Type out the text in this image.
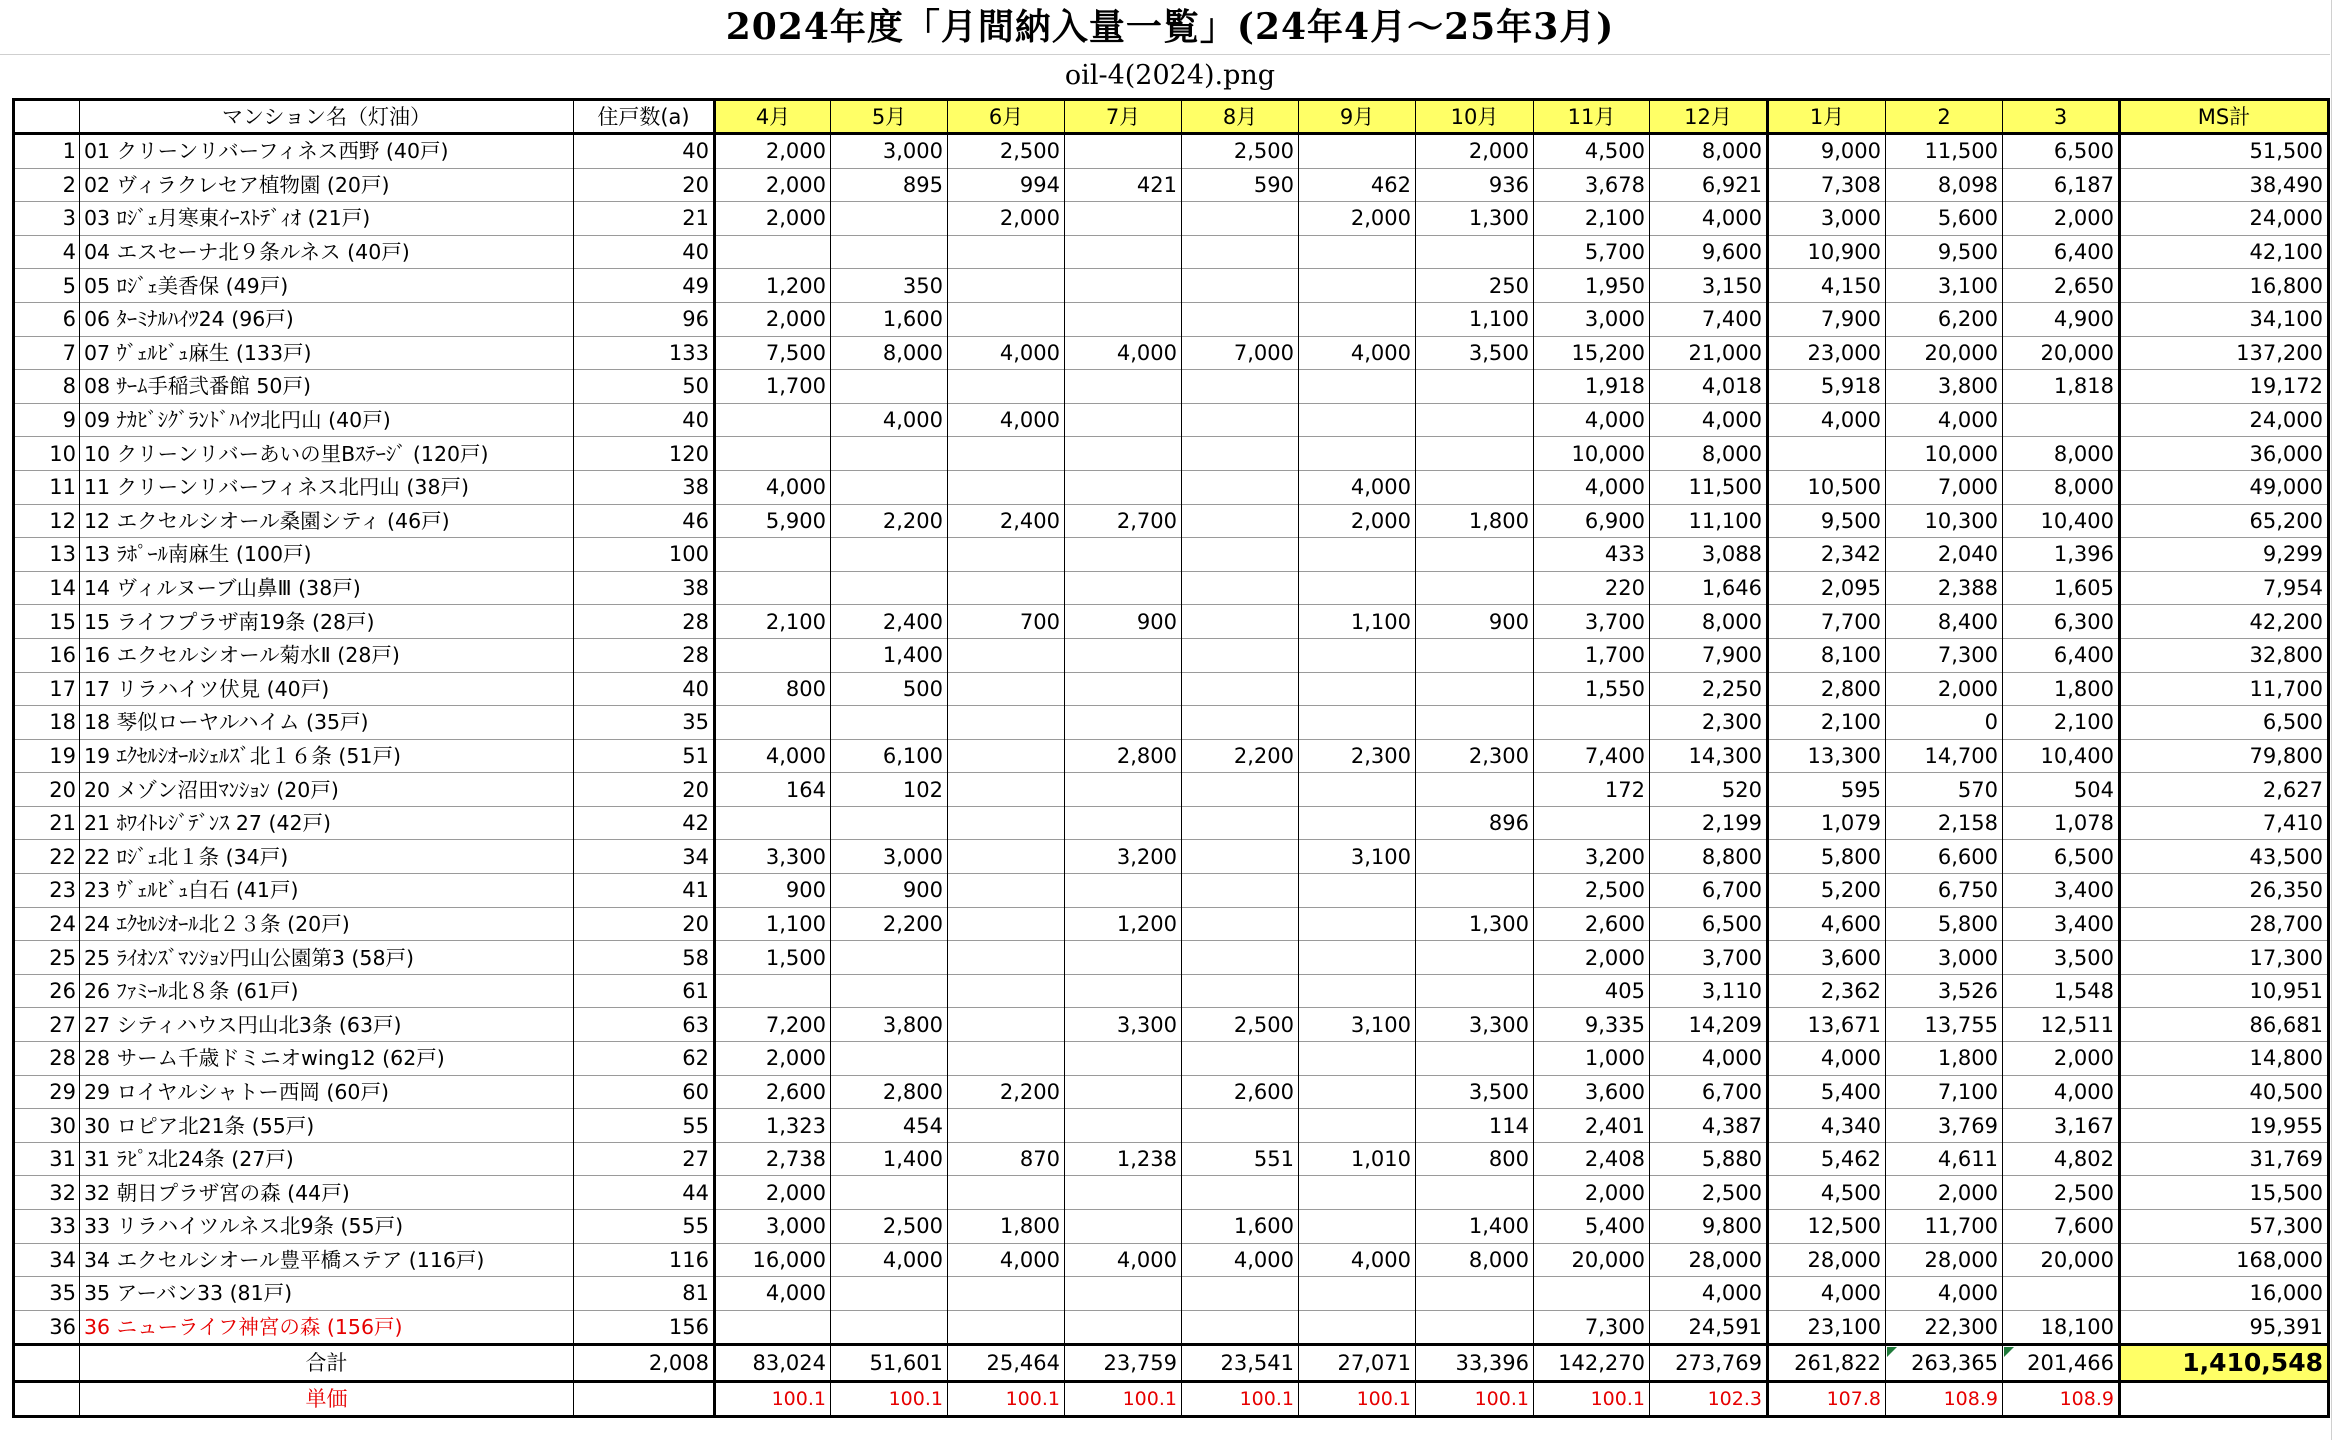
2024年度「月間納入量一覧」(24年4月～25年3月)
oil-4(2024).png
	マンション名（灯油）	住戸数(a)	4月	5月	6月	7月	8月	9月	10月	11月	12月	1月	2	3	MS計
1	01 クリーンリバーフィネス西野 (40戸)	40	2,000	3,000	2,500		2,500		2,000	4,500	8,000	9,000	11,500	6,500	51,500
2	02 ヴィラクレセア植物園 (20戸)	20	2,000	895	994	421	590	462	936	3,678	6,921	7,308	8,098	6,187	38,490
3	03 ﾛｼﾞｪ月寒東ｲｰｽﾄﾃﾞｨｵ (21戸)	21	2,000		2,000			2,000	1,300	2,100	4,000	3,000	5,600	2,000	24,000
4	04 エスセーナ北９条ルネス (40戸)	40								5,700	9,600	10,900	9,500	6,400	42,100
5	05 ﾛｼﾞｪ美香保 (49戸)	49	1,200	350					250	1,950	3,150	4,150	3,100	2,650	16,800
6	06 ﾀｰﾐﾅﾙﾊｲﾂ24 (96戸)	96	2,000	1,600					1,100	3,000	7,400	7,900	6,200	4,900	34,100
7	07 ｳﾞｪﾙﾋﾞｭ麻生 (133戸)	133	7,500	8,000	4,000	4,000	7,000	4,000	3,500	15,200	21,000	23,000	20,000	20,000	137,200
8	08 ｻｰﾑ手稲弐番館 50戸)	50	1,700							1,918	4,018	5,918	3,800	1,818	19,172
9	09 ﾅｶﾋﾞｼｸﾞﾗﾝﾄﾞﾊｲﾂ北円山 (40戸)	40		4,000	4,000					4,000	4,000	4,000	4,000		24,000
10	10 クリーンリバーあいの里Bｽﾃｰｼﾞ (120戸)	120								10,000	8,000		10,000	8,000	36,000
11	11 クリーンリバーフィネス北円山 (38戸)	38	4,000					4,000		4,000	11,500	10,500	7,000	8,000	49,000
12	12 エクセルシオール桑園シティ (46戸)	46	5,900	2,200	2,400	2,700		2,000	1,800	6,900	11,100	9,500	10,300	10,400	65,200
13	13 ﾗﾎﾟｰﾙ南麻生 (100戸)	100								433	3,088	2,342	2,040	1,396	9,299
14	14 ヴィルヌーブ山鼻Ⅲ (38戸)	38								220	1,646	2,095	2,388	1,605	7,954
15	15 ライフプラザ南19条 (28戸)	28	2,100	2,400	700	900		1,100	900	3,700	8,000	7,700	8,400	6,300	42,200
16	16 エクセルシオール菊水Ⅱ (28戸)	28		1,400						1,700	7,900	8,100	7,300	6,400	32,800
17	17 リラハイツ伏見 (40戸)	40	800	500						1,550	2,250	2,800	2,000	1,800	11,700
18	18 琴似ローヤルハイム (35戸)	35									2,300	2,100	0	2,100	6,500
19	19 ｴｸｾﾙｼｵｰﾙｼｪﾙｽﾞ北１６条 (51戸)	51	4,000	6,100		2,800	2,200	2,300	2,300	7,400	14,300	13,300	14,700	10,400	79,800
20	20 メゾン沼田ﾏﾝｼｮﾝ (20戸)	20	164	102						172	520	595	570	504	2,627
21	21 ﾎﾜｲﾄﾚｼﾞﾃﾞﾝｽ 27 (42戸)	42							896		2,199	1,079	2,158	1,078	7,410
22	22 ﾛｼﾞｪ北１条 (34戸)	34	3,300	3,000		3,200		3,100		3,200	8,800	5,800	6,600	6,500	43,500
23	23 ｳﾞｪﾙﾋﾞｭ白石 (41戸)	41	900	900						2,500	6,700	5,200	6,750	3,400	26,350
24	24 ｴｸｾﾙｼｵｰﾙ北２３条 (20戸)	20	1,100	2,200		1,200			1,300	2,600	6,500	4,600	5,800	3,400	28,700
25	25 ﾗｲｵﾝｽﾞﾏﾝｼｮﾝ円山公園第3 (58戸)	58	1,500							2,000	3,700	3,600	3,000	3,500	17,300
26	26 ﾌｧﾐｰﾙ北８条 (61戸)	61								405	3,110	2,362	3,526	1,548	10,951
27	27 シティハウス円山北3条 (63戸)	63	7,200	3,800		3,300	2,500	3,100	3,300	9,335	14,209	13,671	13,755	12,511	86,681
28	28 サーム千歳ドミニオwing12 (62戸)	62	2,000							1,000	4,000	4,000	1,800	2,000	14,800
29	29 ロイヤルシャトー西岡 (60戸)	60	2,600	2,800	2,200		2,600		3,500	3,600	6,700	5,400	7,100	4,000	40,500
30	30 ロピア北21条 (55戸)	55	1,323	454					114	2,401	4,387	4,340	3,769	3,167	19,955
31	31 ﾗﾋﾟｽ北24条 (27戸)	27	2,738	1,400	870	1,238	551	1,010	800	2,408	5,880	5,462	4,611	4,802	31,769
32	32 朝日プラザ宮の森 (44戸)	44	2,000							2,000	2,500	4,500	2,000	2,500	15,500
33	33 リラハイツルネス北9条 (55戸)	55	3,000	2,500	1,800		1,600		1,400	5,400	9,800	12,500	11,700	7,600	57,300
34	34 エクセルシオール豊平橋ステア (116戸)	116	16,000	4,000	4,000	4,000	4,000	4,000	8,000	20,000	28,000	28,000	28,000	20,000	168,000
35	35 アーバン33 (81戸)	81	4,000								4,000	4,000	4,000		16,000
36	36 ニューライフ神宮の森 (156戸)	156								7,300	24,591	23,100	22,300	18,100	95,391
	合計	2,008	83,024	51,601	25,464	23,759	23,541	27,071	33,396	142,270	273,769	261,822	263,365	201,466	1,410,548
	単価		100.1	100.1	100.1	100.1	100.1	100.1	100.1	100.1	102.3	107.8	108.9	108.9	
